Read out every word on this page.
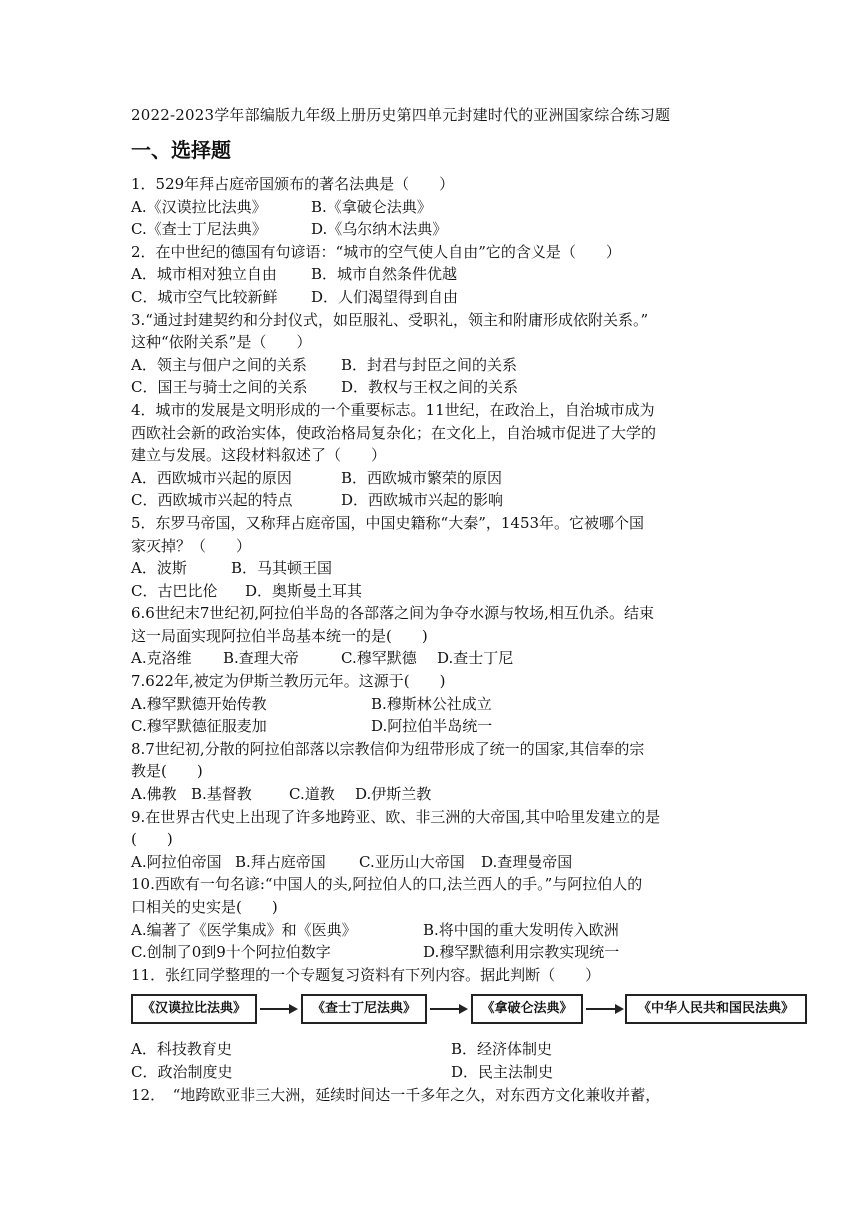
2022-2023学年部编版九年级上册历史第四单元封建时代的亚洲国家综合练习题
一、选择题
1．529年拜占庭帝国颁布的著名法典是（　　）
A.《汉谟拉比法典》	B.《拿破仑法典》
C.《查士丁尼法典》	D.《乌尔纳木法典》
2．在中世纪的德国有句谚语：“城市的空气使人自由”它的含义是（　　）
A．城市相对独立自由	B．城市自然条件优越
C．城市空气比较新鲜	D．人们渴望得到自由
3.“通过封建契约和分封仪式，如臣服礼、受职礼，领主和附庸形成依附关系。”
这种“依附关系”是（　　）
A．领主与佃户之间的关系	B．封君与封臣之间的关系
C．国王与骑士之间的关系	D．教权与王权之间的关系
4．城市的发展是文明形成的一个重要标志。11世纪，在政治上，自治城市成为
西欧社会新的政治实体，使政治格局复杂化；在文化上，自治城市促进了大学的
建立与发展。这段材料叙述了（　　）
A．西欧城市兴起的原因	B．西欧城市繁荣的原因
C．西欧城市兴起的特点	D．西欧城市兴起的影响
5．东罗马帝国，又称拜占庭帝国，中国史籍称“大秦”，1453年。它被哪个国
家灭掉？（　　）
A．波斯	B．马其顿王国
C．古巴比伦	D．奥斯曼土耳其
6.6世纪末7世纪初,阿拉伯半岛的各部落之间为争夺水源与牧场,相互仇杀。结束
这一局面实现阿拉伯半岛基本统一的是(　　)
A.克洛维	B.查理大帝	C.穆罕默德	D.查士丁尼
7.622年,被定为伊斯兰教历元年。这源于(　　)
A.穆罕默德开始传教	B.穆斯林公社成立
C.穆罕默德征服麦加	D.阿拉伯半岛统一
8.7世纪初,分散的阿拉伯部落以宗教信仰为纽带形成了统一的国家,其信奉的宗
教是(　　)
A.佛教 B.基督教	C.道教	D.伊斯兰教
9.在世界古代史上出现了许多地跨亚、欧、非三洲的大帝国,其中哈里发建立的是
(　　)
A.阿拉伯帝国 B.拜占庭帝国	C.亚历山大帝国	D.查理曼帝国
10.西欧有一句名谚:“中国人的头,阿拉伯人的口,法兰西人的手。”与阿拉伯人的
口相关的史实是(　　)
A.编著了《医学集成》和《医典》	B.将中国的重大发明传入欧洲
C.创制了0到9十个阿拉伯数字	D.穆罕默德利用宗教实现统一
11．张红同学整理的一个专题复习资料有下列内容。据此判断（　　）
《汉谟拉比法典》	《查士丁尼法典》	《拿破仑法典》	《中华人民共和国民法典》
A．科技教育史	B．经济体制史
C．政治制度史	D．民主法制史
12．　“地跨欧亚非三大洲，延续时间达一千多年之久，对东西方文化兼收并蓄，
